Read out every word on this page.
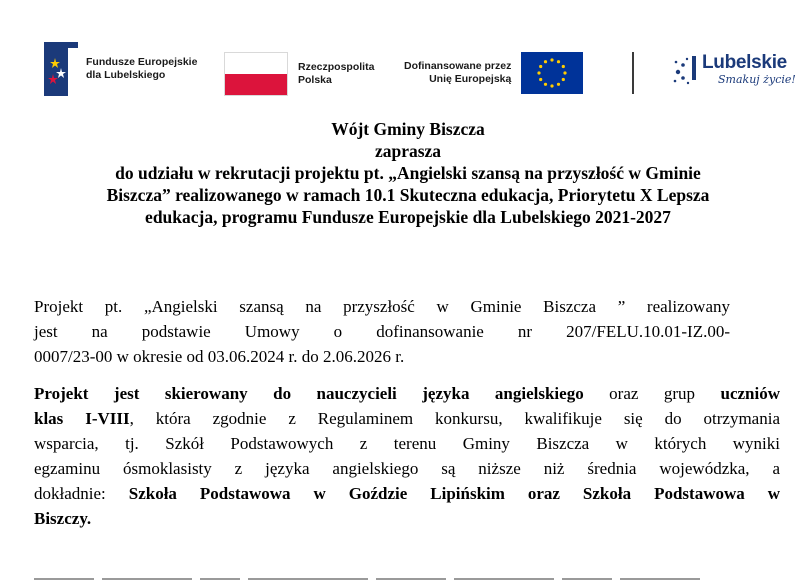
Fundusze Europejskie
dla Lubelskiego
Rzeczpospolita
Polska
Dofinansowane przez
Unię Europejską
Lubelskie
Smakuj życie!
Wójt Gminy Biszcza
zaprasza
do udziału w rekrutacji projektu pt. „Angielski szansą na przyszłość w Gminie
Biszcza” realizowanego w ramach 10.1 Skuteczna edukacja, Priorytetu X Lepsza
edukacja, programu Fundusze Europejskie dla Lubelskiego 2021-2027
Projekt pt. „Angielski szansą na przyszłość w Gminie Biszcza ” realizowany
jest na podstawie Umowy o dofinansowanie nr 207/FELU.10.01-IZ.00-
0007/23-00 w okresie od 03.06.2024 r. do 2.06.2026 r.
Projekt jest skierowany do nauczycieli języka angielskiego oraz grup uczniów
klas I-VIII, która zgodnie z Regulaminem konkursu, kwalifikuje się do otrzymania
wsparcia, tj. Szkół Podstawowych z terenu Gminy Biszcza w których wyniki
egzaminu ósmoklasisty z języka angielskiego są niższe niż średnia wojewódzka, a
dokładnie: Szkoła Podstawowa w Goździe Lipińskim oraz Szkoła Podstawowa w
Biszczy.
